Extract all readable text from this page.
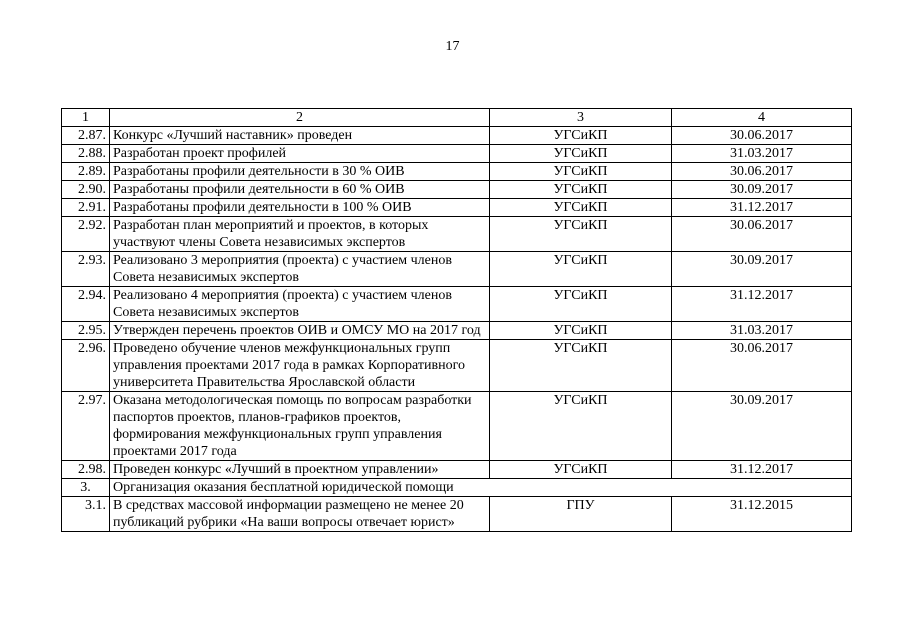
17
1	2	3	4
2.87.	Конкурс «Лучший наставник» проведен	УГСиКП	30.06.2017
2.88.	Разработан проект профилей	УГСиКП	31.03.2017
2.89.	Разработаны профили деятельности в 30 % ОИВ	УГСиКП	30.06.2017
2.90.	Разработаны профили деятельности в 60 % ОИВ	УГСиКП	30.09.2017
2.91.	Разработаны профили деятельности в 100 % ОИВ	УГСиКП	31.12.2017
2.92.	Разработан план мероприятий и проектов, в которых участвуют члены Совета независимых экспертов	УГСиКП	30.06.2017
2.93.	Реализовано 3 мероприятия (проекта) с участием членов Совета независимых экспертов	УГСиКП	30.09.2017
2.94.	Реализовано 4 мероприятия (проекта) с участием членов Совета независимых экспертов	УГСиКП	31.12.2017
2.95.	Утвержден перечень проектов ОИВ и ОМСУ МО на 2017 год	УГСиКП	31.03.2017
2.96.	Проведено обучение членов межфункциональных групп управления проектами 2017 года в рамках Корпоративного университета Правительства Ярославской области	УГСиКП	30.06.2017
2.97.	Оказана методологическая помощь по вопросам разработки паспортов проектов, планов-графиков проектов, формирования межфункциональных групп управления проектами 2017 года	УГСиКП	30.09.2017
2.98.	Проведен конкурс «Лучший в проектном управлении»	УГСиКП	31.12.2017
3.	Организация оказания бесплатной юридической помощи		
3.1.	В средствах массовой информации размещено не менее 20 публикаций рубрики «На ваши вопросы отвечает юрист»	ГПУ	31.12.2015
